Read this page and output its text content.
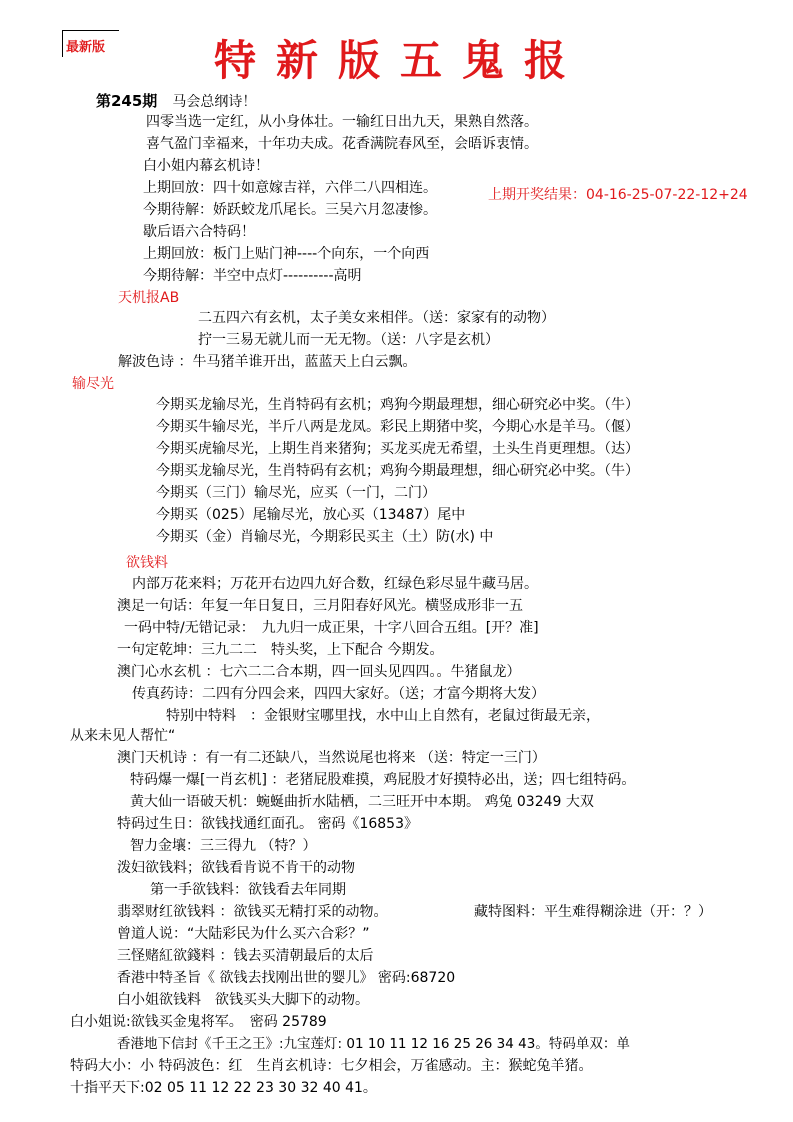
最新版	特新版五鬼报
第245期 马会总纲诗！
四零当选一定红，从小身体壮。一输红日出九天，果熟自然落。
喜气盈门幸福来，十年功夫成。花香满院春风至，会晤诉衷情。
白小姐内幕玄机诗！
上期回放：四十如意嫁吉祥，六伴二八四相连。
今期待解：娇跃蛟龙爪尾长。三吴六月忽凄惨。
上期开奖结果：04-16-25-07-22-12+24
歇后语六合特码！
上期回放：板门上贴门神----个向东，一个向西
今期待解：半空中点灯----------高明
天机报AB
二五四六有玄机，太子美女来相伴。（送：家家有的动物）
拧一三易无就儿而一无无物。（送：八字是玄机）
解波色诗 ：牛马猪羊谁开出，蓝蓝天上白云飘。
输尽光
今期买龙输尽光，生肖特码有玄机；鸡狗今期最理想，细心研究必中奖。（牛）
今期买牛输尽光，半斤八两是龙凤。彩民上期猪中奖，今期心水是羊马。（偃）
今期买虎输尽光，上期生肖来猪狗；买龙买虎无希望，土头生肖更理想。（达）
今期买龙输尽光，生肖特码有玄机；鸡狗今期最理想，细心研究必中奖。（牛）
今期买（三门）输尽光，应买（一门，二门）
今期买（025）尾输尽光，放心买（13487）尾中
今期买（金）肖输尽光，今期彩民买主（土）防(水) 中
欲钱料
内部万花来料；万花开右边四九好合数，红绿色彩尽显牛藏马居。
澳足一句话：年复一年日复日，三月阳春好风光。横竖成形非一五
一码中特/无错记录：　九九归一成正果，十字八回合五组。[开？准]
一句定乾坤：三九二二　特头奖，上下配合 今期发。
澳门心水玄机 ：七六二二合本期，四一回头见四四。。牛猪鼠龙）
传真药诗：二四有分四会来，四四大家好。（送；才富今期将大发）
特别中特料　：金银财宝哪里找，水中山上自然有，老鼠过街最无亲，
从来未见人帮忙“
澳门天机诗 ：有一有二还缺八，当然说尾也将来 （送：特定一三门）
特码爆一爆[一肖玄机] ：老猪屁股难摸，鸡屁股才好摸特必出，送；四七组特码。
黄大仙一语破天机：蜿蜒曲折水陆栖，二三旺开中本期。 鸡兔 03249 大双
特码过生日：欲钱找通红面孔。 密码《16853》
智力金壤：三三得九 （特？）
泼妇欲钱料；欲钱看肯说不肯干的动物
第一手欲钱料：欲钱看去年同期
翡翠财红欲钱料 ：欲钱买无精打采的动物。	藏特图料：平生难得糊涂进（开：？）
曾道人说：“大陆彩民为什么买六合彩？”
三怪赌紅欲錢料 ：钱去买清朝最后的太后
香港中特圣旨《 欲钱去找刚出世的婴儿》 密码:68720
白小姐欲钱料　欲钱买头大脚下的动物。
白小姐说:欲钱买金鬼将军。　密码 25789
香港地下信封《千王之王》:九宝莲灯: 01 10 11 12 16 25 26 34 43。特码单双：单
特码大小：小 特码波色：红　生肖玄机诗：七夕相会，万雀感动。主：猴蛇兔羊猪。
十指平天下:02 05 11 12 22 23 30 32 40 41。
